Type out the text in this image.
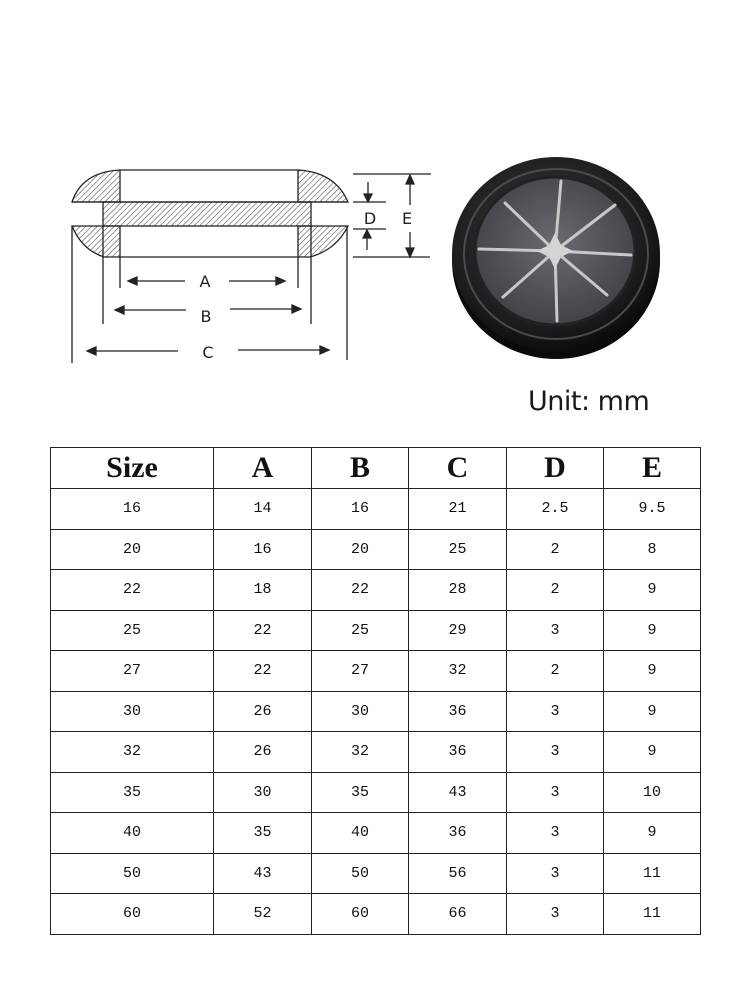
A
B
C
D E
Unit: mm
Size	A	B	C	D	E
16	14	16	21	2.5	9.5
20	16	20	25	2	8
22	18	22	28	2	9
25	22	25	29	3	9
27	22	27	32	2	9
30	26	30	36	3	9
32	26	32	36	3	9
35	30	35	43	3	10
40	35	40	36	3	9
50	43	50	56	3	11
60	52	60	66	3	11
